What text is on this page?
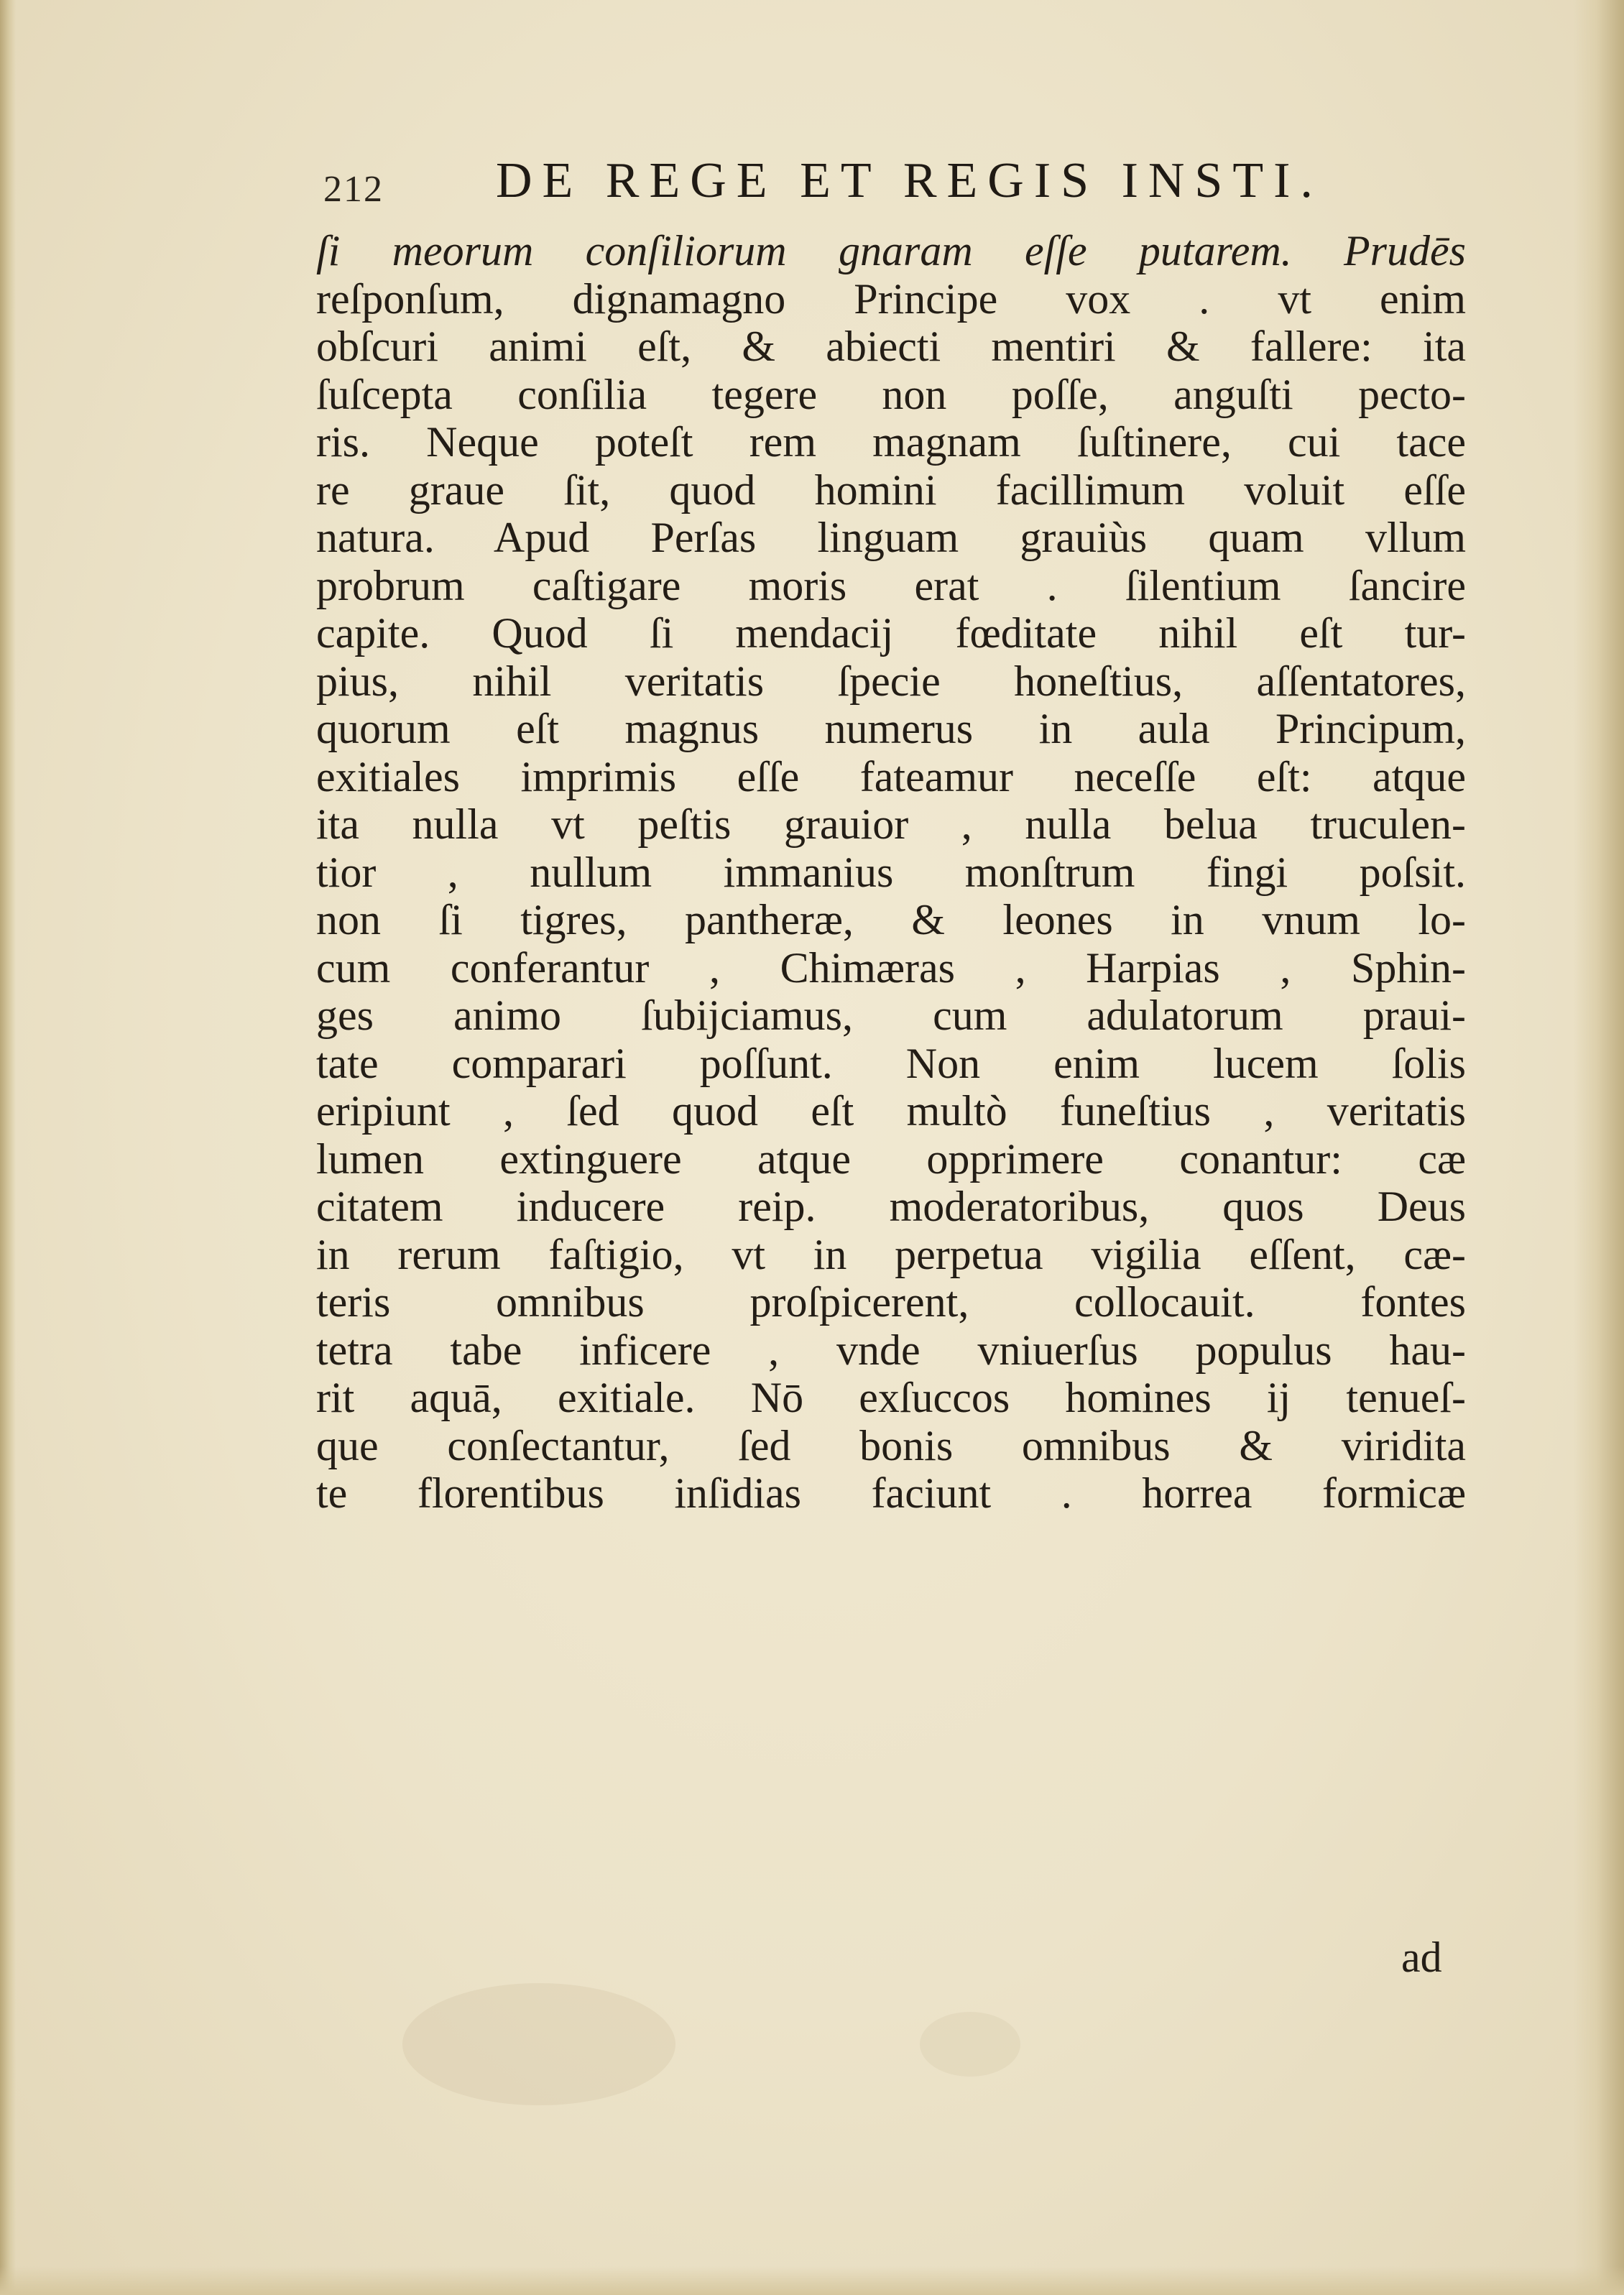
212 DE REGE ET REGIS INSTI.
ſi meorum conſiliorum gnaram eſſe putarem. Prudēs
reſponſum, dignamagno Principe vox . vt enim
obſcuri animi eſt, & abiecti mentiri & fallere: ita
ſuſcepta conſilia tegere non poſſe, anguſti pecto-
ris. Neque poteſt rem magnam ſuſtinere, cui tace
re graue ſit, quod homini facillimum voluit eſſe
natura. Apud Perſas linguam grauiùs quam vllum
probrum caſtigare moris erat . ſilentium ſancire
capite. Quod ſi mendacij fœditate nihil eſt tur-
pius, nihil veritatis ſpecie honeſtius, aſſentatores,
quorum eſt magnus numerus in aula Principum,
exitiales imprimis eſſe fateamur neceſſe eſt: atque
ita nulla vt peſtis grauior , nulla belua truculen-
tior , nullum immanius monſtrum fingi poſsit.
non ſi tigres, pantheræ, & leones in vnum lo-
cum conferantur , Chimæras , Harpias , Sphin-
ges animo ſubijciamus, cum adulatorum praui-
tate comparari poſſunt. Non enim lucem ſolis
eripiunt , ſed quod eſt multò funeſtius , veritatis
lumen extinguere atque opprimere conantur: cæ
citatem inducere reip. moderatoribus, quos Deus
in rerum faſtigio, vt in perpetua vigilia eſſent, cæ-
teris omnibus proſpicerent, collocauit. fontes
tetra tabe inficere , vnde vniuerſus populus hau-
rit aquā, exitiale. Nō exſuccos homines ij tenueſ-
que conſectantur, ſed bonis omnibus & viridita
te florentibus inſidias faciunt . horrea formicæ
ad
